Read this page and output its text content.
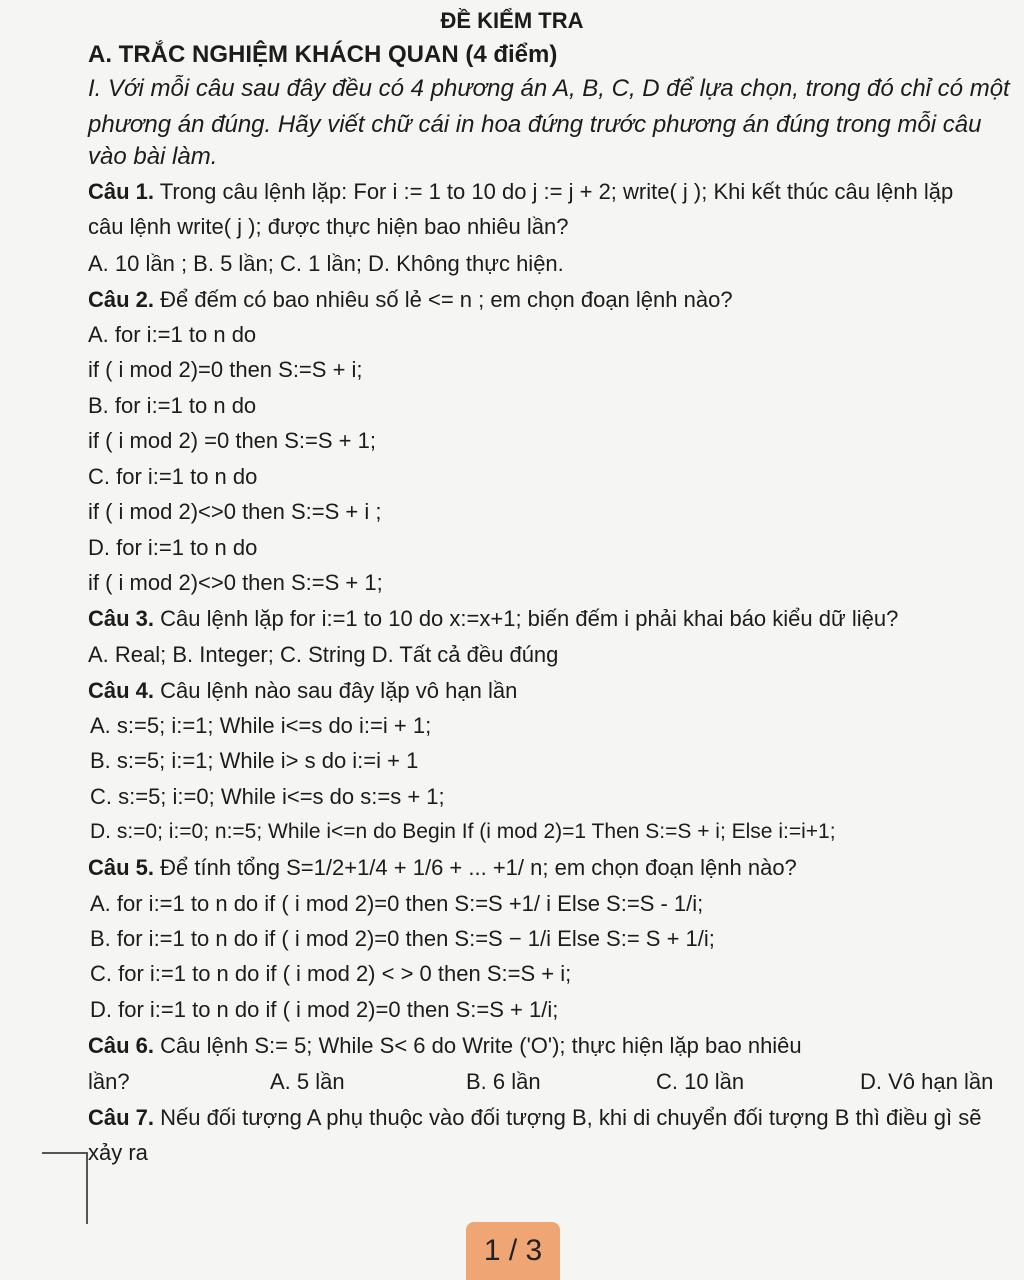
ĐỀ KIỂM TRA
A. TRẮC NGHIỆM KHÁCH QUAN (4 điểm)
I. Với mỗi câu sau đây đều có 4 phương án A, B, C, D để lựa chọn, trong đó chỉ có một
phương án đúng. Hãy viết chữ cái in hoa đứng trước phương án đúng trong mỗi câu
vào bài làm.
Câu 1. Trong câu lệnh lặp: For i := 1 to 10 do j := j + 2; write( j ); Khi kết thúc câu lệnh lặp
câu lệnh write( j ); được thực hiện bao nhiêu lần?
A. 10 lần ; B. 5 lần; C. 1 lần; D. Không thực hiện.
Câu 2. Để đếm có bao nhiêu số lẻ <= n ; em chọn đoạn lệnh nào?
A. for i:=1 to n do
if ( i mod 2)=0 then S:=S + i;
B. for i:=1 to n do
if ( i mod 2) =0 then S:=S + 1;
C. for i:=1 to n do
if ( i mod 2)<>0 then S:=S + i ;
D. for i:=1 to n do
if ( i mod 2)<>0 then S:=S + 1;
Câu 3. Câu lệnh lặp for i:=1 to 10 do x:=x+1; biến đếm i phải khai báo kiểu dữ liệu?
A. Real; B. Integer; C. String D. Tất cả đều đúng
Câu 4. Câu lệnh nào sau đây lặp vô hạn lần
A. s:=5; i:=1; While i<=s do i:=i + 1;
B. s:=5; i:=1; While i> s do i:=i + 1
C. s:=5; i:=0; While i<=s do s:=s + 1;
D. s:=0; i:=0; n:=5; While i<=n do Begin If (i mod 2)=1 Then S:=S + i; Else i:=i+1;
Câu 5. Để tính tổng S=1/2+1/4 + 1/6 + ... +1/ n; em chọn đoạn lệnh nào?
A. for i:=1 to n do if ( i mod 2)=0 then S:=S +1/ i Else S:=S - 1/i;
B. for i:=1 to n do if ( i mod 2)=0 then S:=S − 1/i Else S:= S + 1/i;
C. for i:=1 to n do if ( i mod 2) < > 0 then S:=S + i;
D. for i:=1 to n do if ( i mod 2)=0 then S:=S + 1/i;
Câu 6. Câu lệnh S:= 5; While S< 6 do Write ('O'); thực hiện lặp bao nhiêu
lần?	A. 5 lần	B. 6 lần	C. 10 lần	D. Vô hạn lần
Câu 7. Nếu đối tượng A phụ thuộc vào đối tượng B, khi di chuyển đối tượng B thì điều gì sẽ
xảy ra
1 / 3
